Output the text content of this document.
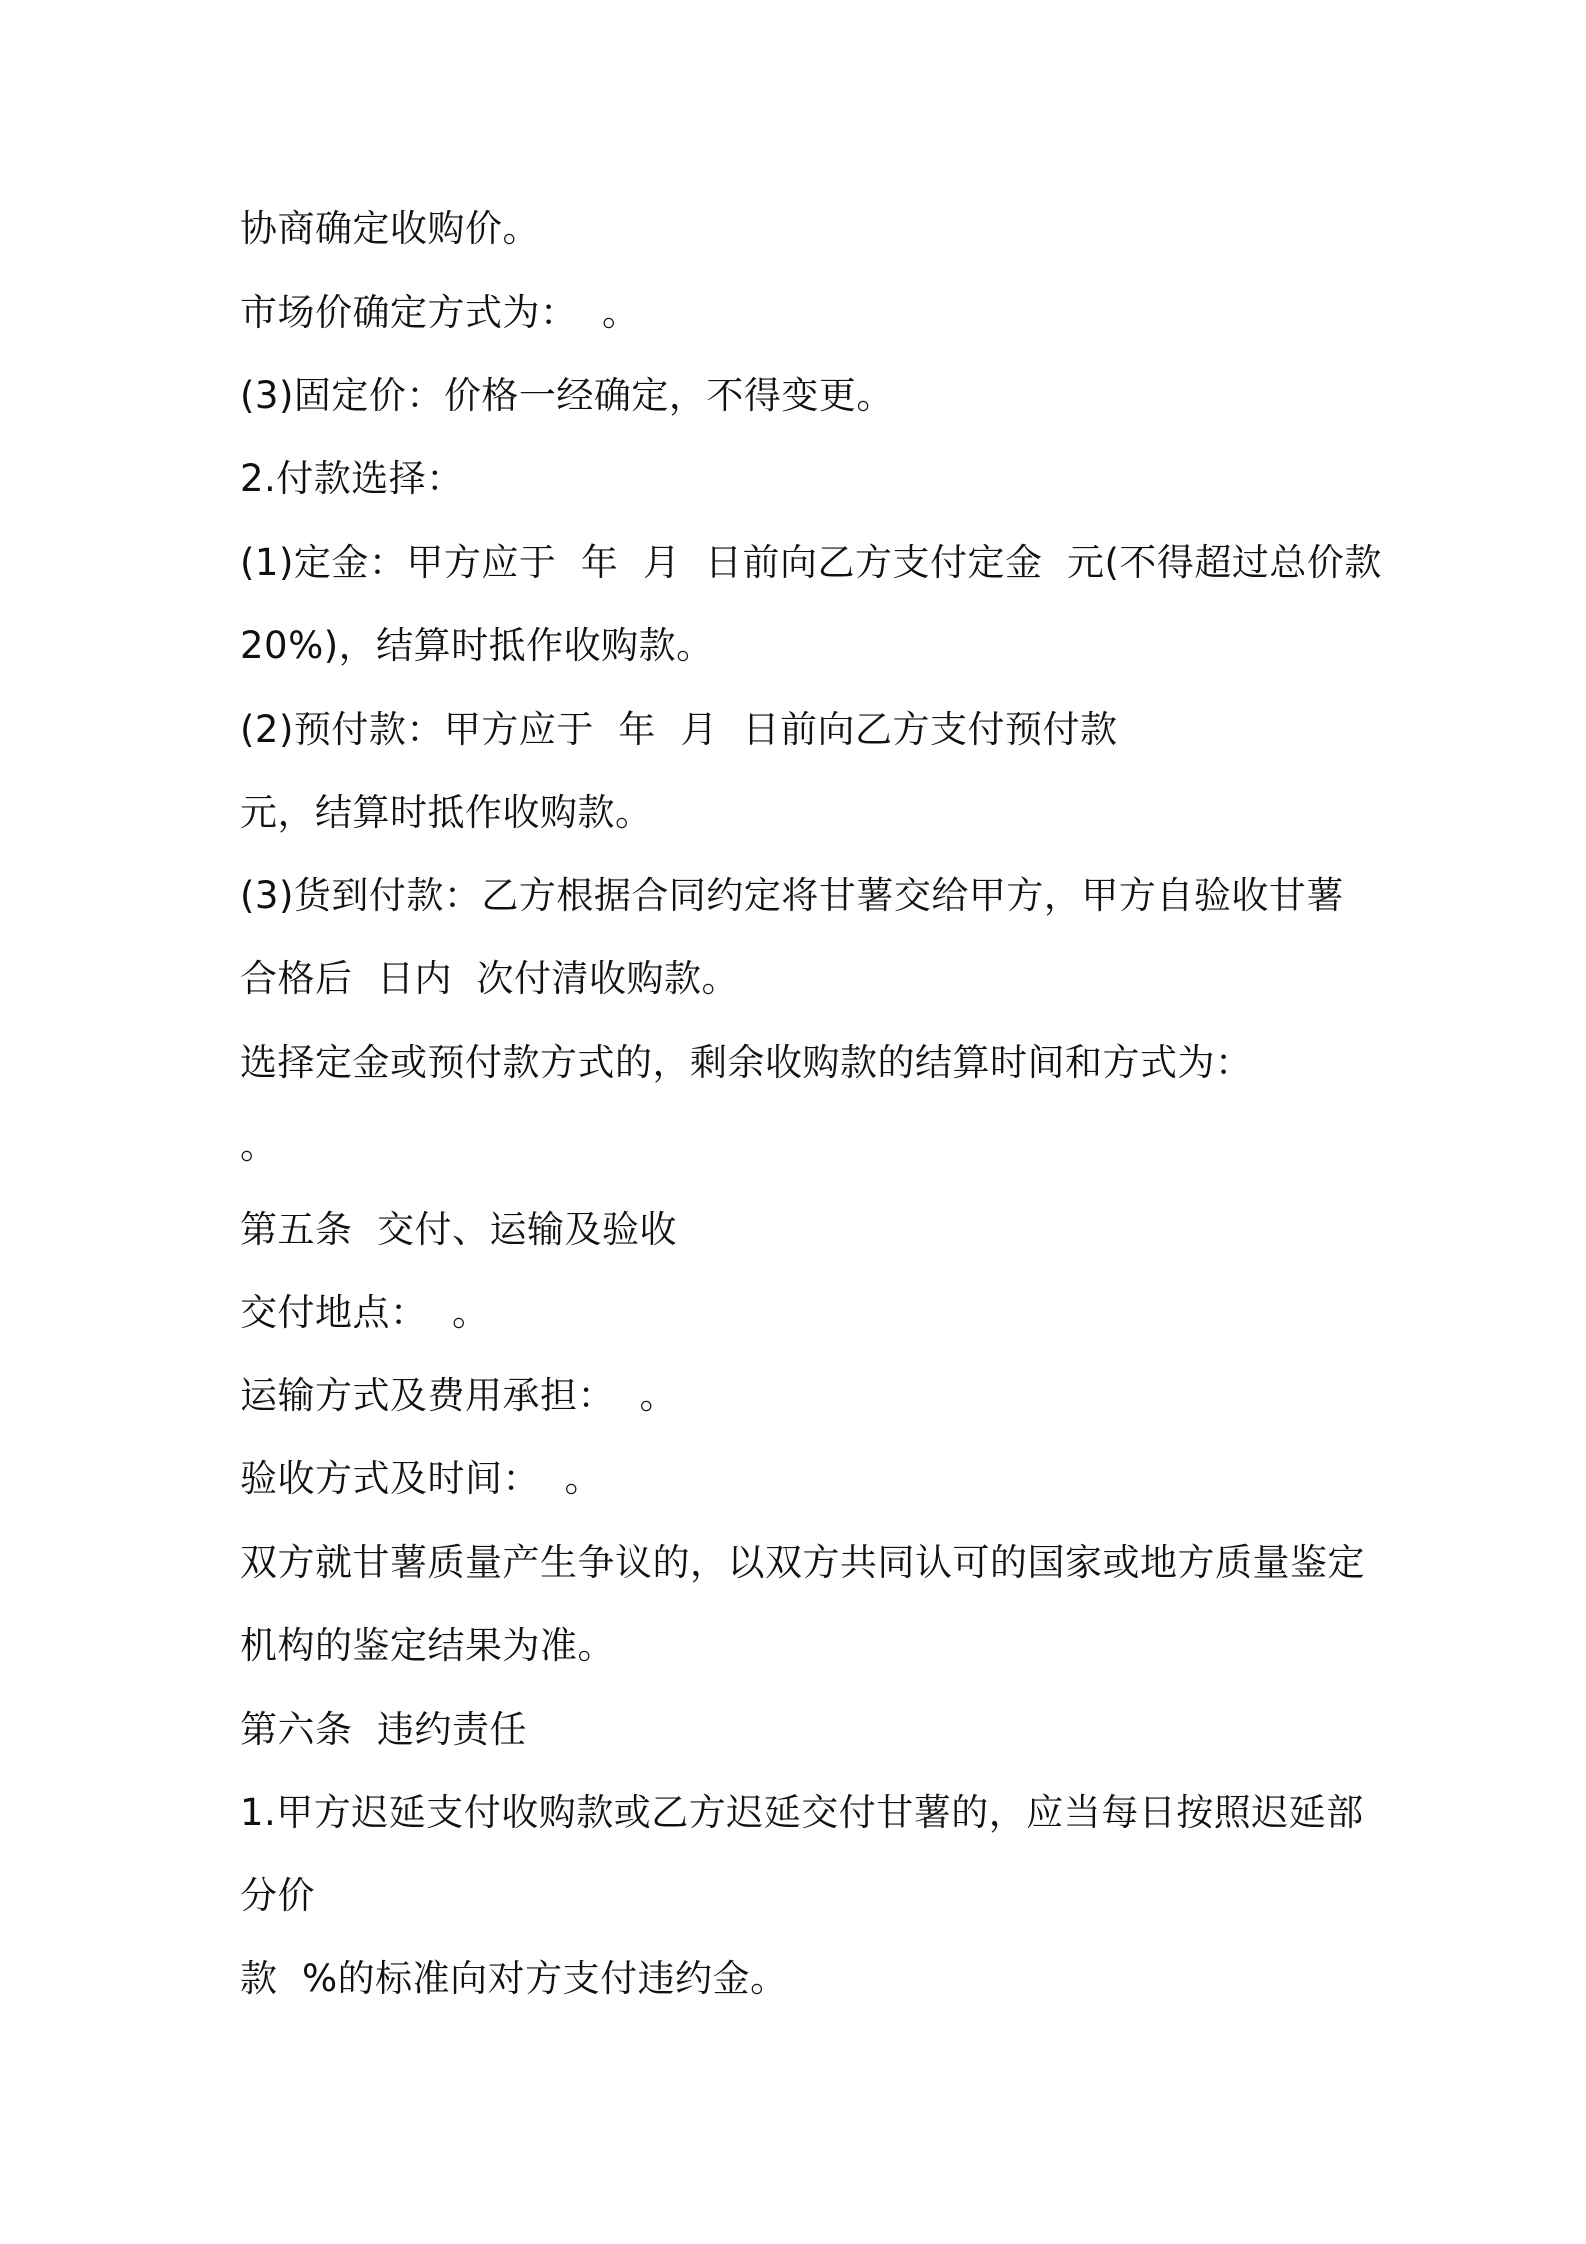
协商确定收购价。

市场价确定方式为：  。

(3)固定价：价格一经确定，不得变更。

2.付款选择：

(1)定金：甲方应于  年  月  日前向乙方支付定金  元(不得超过总价款

20%)，结算时抵作收购款。

(2)预付款：甲方应于  年  月  日前向乙方支付预付款

元，结算时抵作收购款。

(3)货到付款：乙方根据合同约定将甘薯交给甲方，甲方自验收甘薯

合格后  日内  次付清收购款。

选择定金或预付款方式的，剩余收购款的结算时间和方式为：

。

第五条  交付、运输及验收

交付地点：  。

运输方式及费用承担：  。

验收方式及时间：  。

双方就甘薯质量产生争议的，以双方共同认可的国家或地方质量鉴定

机构的鉴定结果为准。

第六条  违约责任

1.甲方迟延支付收购款或乙方迟延交付甘薯的，应当每日按照迟延部

分价

款  %的标准向对方支付违约金。
